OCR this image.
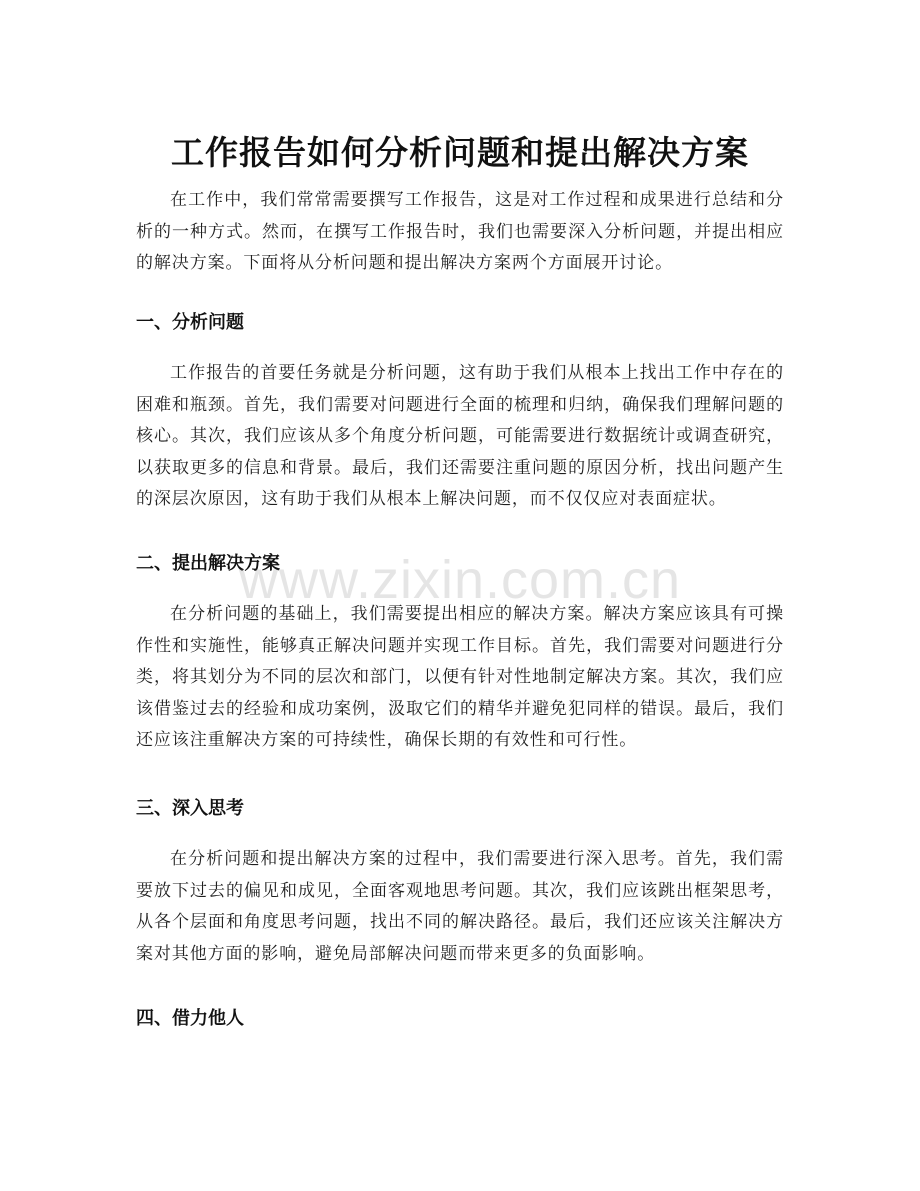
工作报告如何分析问题和提出解决方案

在工作中，我们常常需要撰写工作报告，这是对工作过程和成果进行总结和分析的一种方式。然而，在撰写工作报告时，我们也需要深入分析问题，并提出相应的解决方案。下面将从分析问题和提出解决方案两个方面展开讨论。

一、分析问题

工作报告的首要任务就是分析问题，这有助于我们从根本上找出工作中存在的困难和瓶颈。首先，我们需要对问题进行全面的梳理和归纳，确保我们理解问题的核心。其次，我们应该从多个角度分析问题，可能需要进行数据统计或调查研究，以获取更多的信息和背景。最后，我们还需要注重问题的原因分析，找出问题产生的深层次原因，这有助于我们从根本上解决问题，而不仅仅应对表面症状。

二、提出解决方案

在分析问题的基础上，我们需要提出相应的解决方案。解决方案应该具有可操作性和实施性，能够真正解决问题并实现工作目标。首先，我们需要对问题进行分类，将其划分为不同的层次和部门，以便有针对性地制定解决方案。其次，我们应该借鉴过去的经验和成功案例，汲取它们的精华并避免犯同样的错误。最后，我们还应该注重解决方案的可持续性，确保长期的有效性和可行性。

三、深入思考

在分析问题和提出解决方案的过程中，我们需要进行深入思考。首先，我们需要放下过去的偏见和成见，全面客观地思考问题。其次，我们应该跳出框架思考，从各个层面和角度思考问题，找出不同的解决路径。最后，我们还应该关注解决方案对其他方面的影响，避免局部解决问题而带来更多的负面影响。

四、借力他人
www.zixin.com.cn
